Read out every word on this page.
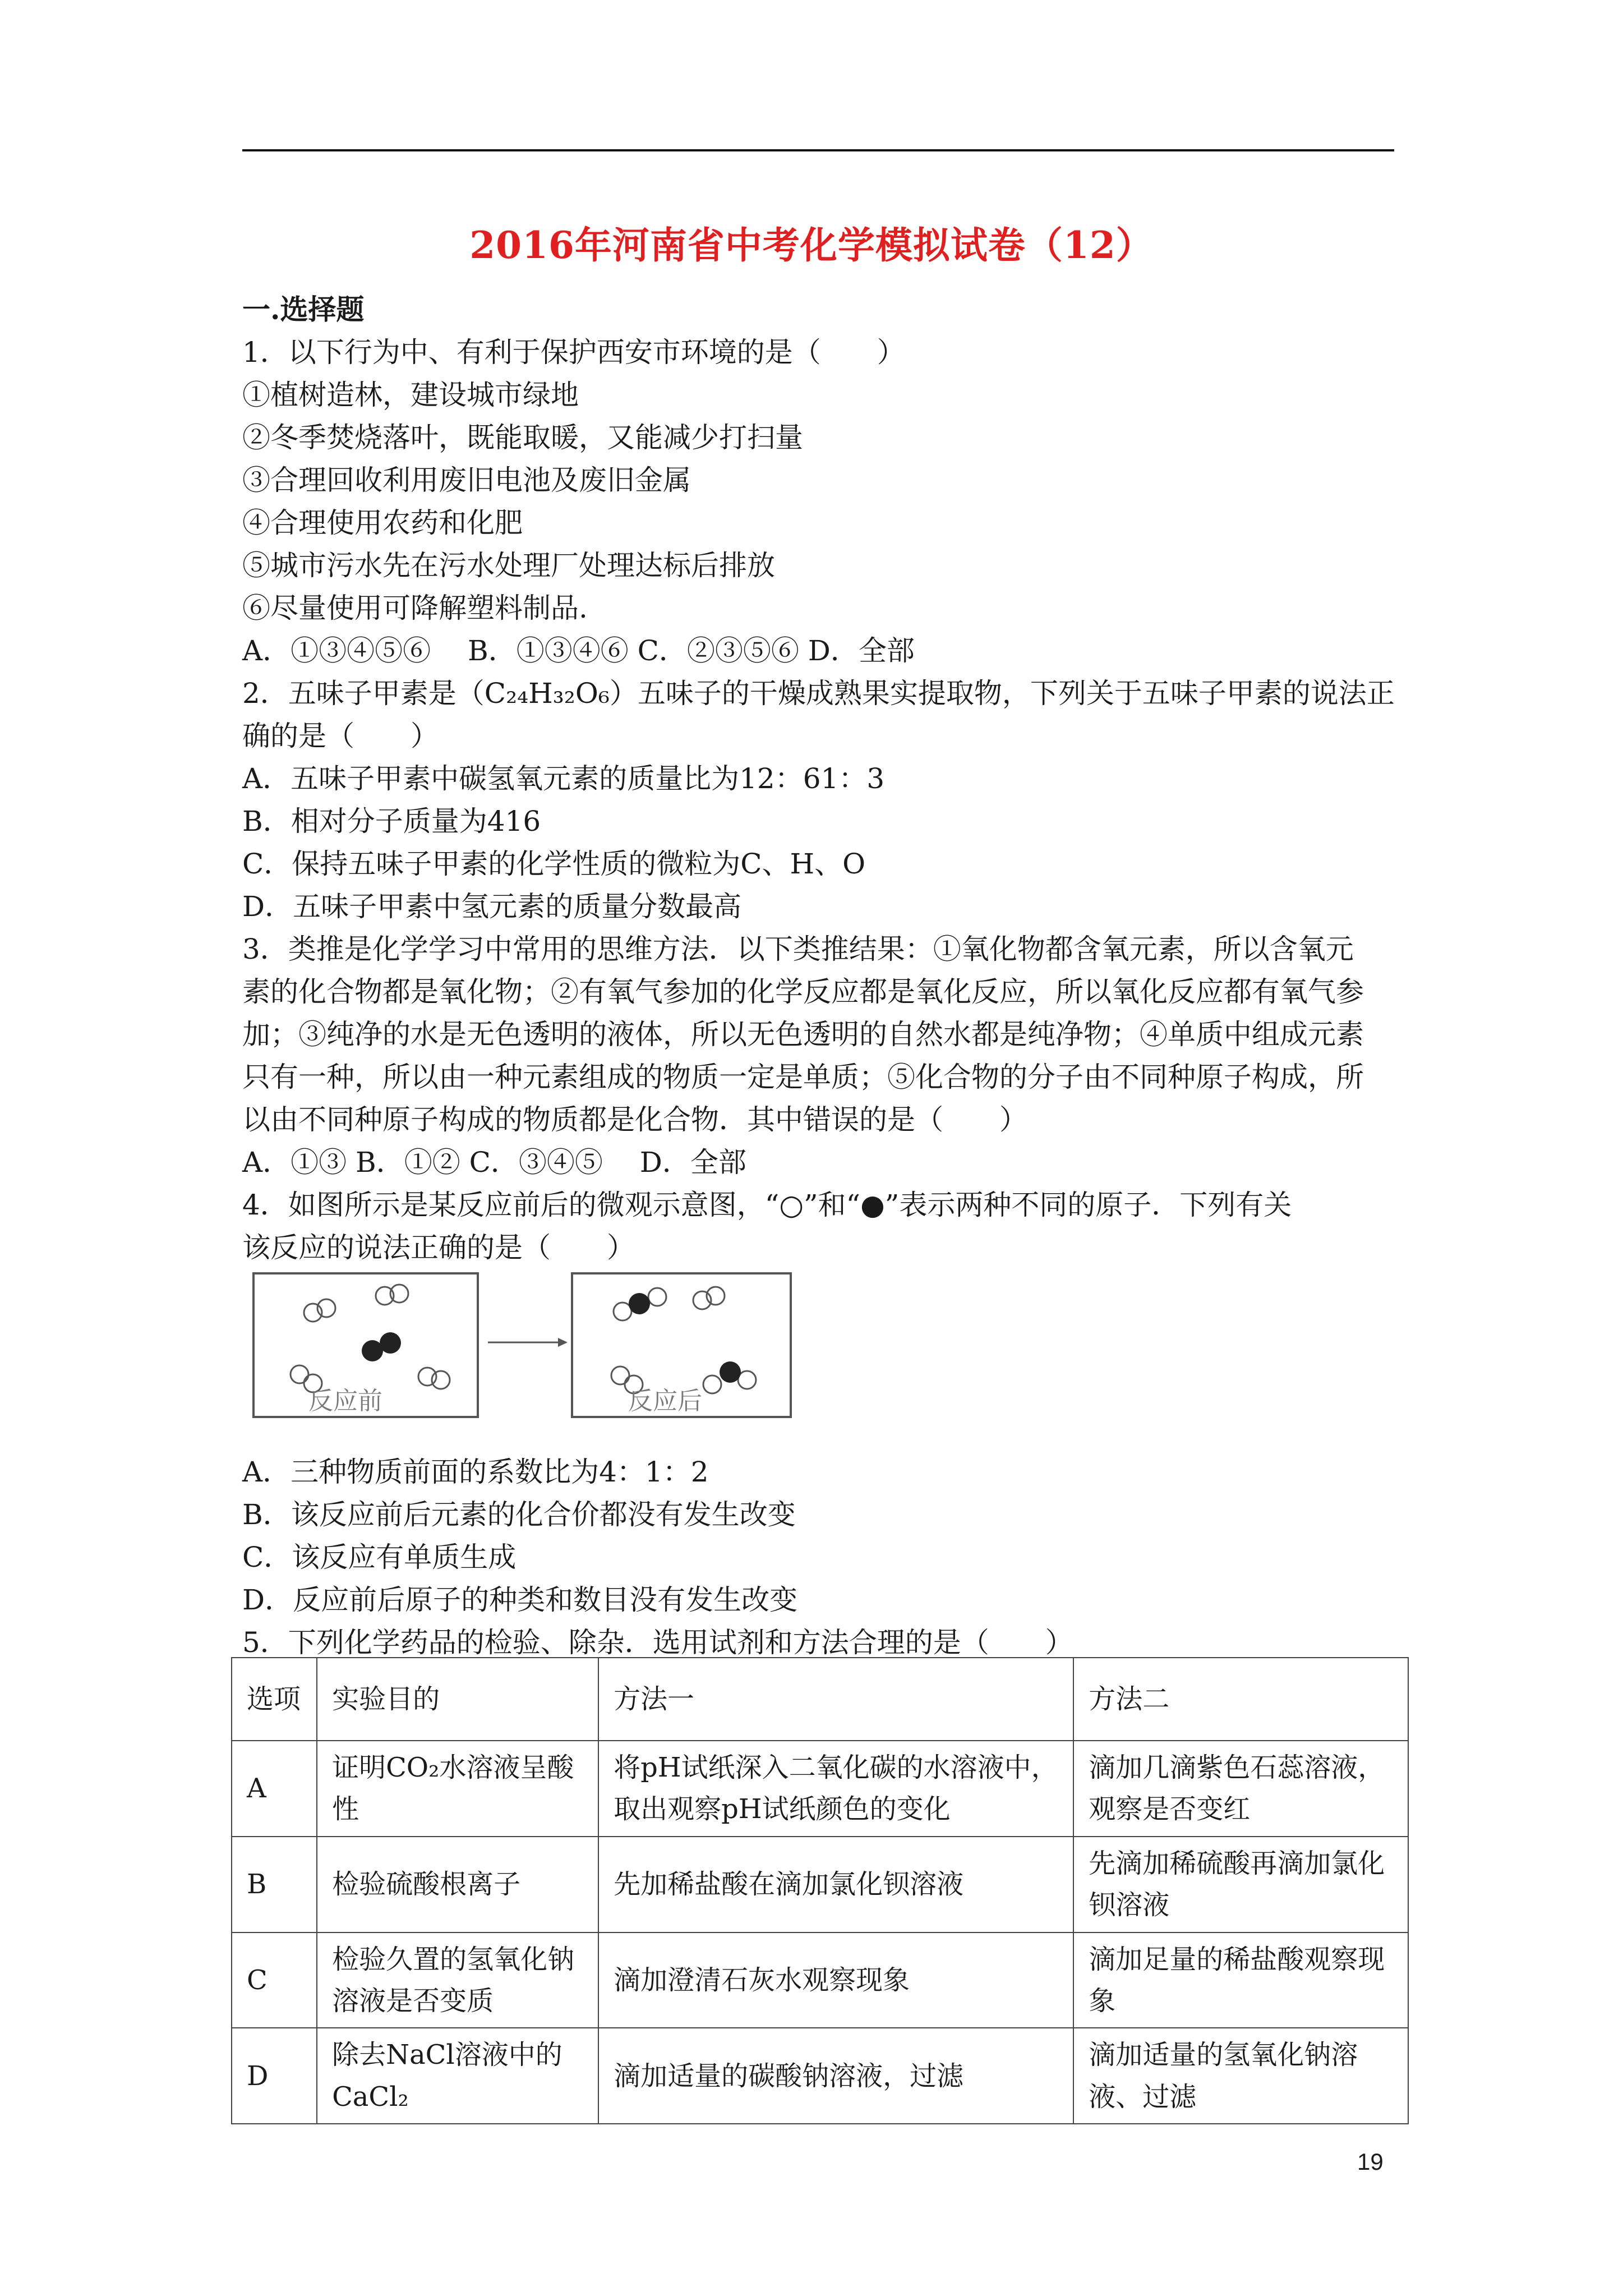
2016年河南省中考化学模拟试卷（12）
一.选择题
1．以下行为中、有利于保护西安市环境的是（　　）
①植树造林，建设城市绿地
②冬季焚烧落叶，既能取暖，又能减少打扫量
③合理回收利用废旧电池及废旧金属
④合理使用农药和化肥
⑤城市污水先在污水处理厂处理达标后排放
⑥尽量使用可降解塑料制品.
A．①③④⑤⑥　 B．①③④⑥ C．②③⑤⑥ D．全部
2．五味子甲素是（C₂₄H₃₂O₆）五味子的干燥成熟果实提取物，下列关于五味子甲素的说法正
确的是（　　）
A．五味子甲素中碳氢氧元素的质量比为12：61：3
B．相对分子质量为416
C．保持五味子甲素的化学性质的微粒为C、H、O
D．五味子甲素中氢元素的质量分数最高
3．类推是化学学习中常用的思维方法．以下类推结果：①氧化物都含氧元素，所以含氧元
素的化合物都是氧化物；②有氧气参加的化学反应都是氧化反应，所以氧化反应都有氧气参
加；③纯净的水是无色透明的液体，所以无色透明的自然水都是纯净物；④单质中组成元素
只有一种，所以由一种元素组成的物质一定是单质；⑤化合物的分子由不同种原子构成，所
以由不同种原子构成的物质都是化合物．其中错误的是（　　）
A．①③ B．①② C．③④⑤　 D．全部
4．如图所示是某反应前后的微观示意图，“○”和“●”表示两种不同的原子．下列有关
该反应的说法正确的是（　　）
反应前	反应后
A．三种物质前面的系数比为4：1：2
B．该反应前后元素的化合价都没有发生改变
C．该反应有单质生成
D．反应前后原子的种类和数目没有发生改变
5．下列化学药品的检验、除杂．选用试剂和方法合理的是（　　）
选项	实验目的	方法一	方法二
A	证明CO₂水溶液呈酸性	将pH试纸深入二氧化碳的水溶液中，取出观察pH试纸颜色的变化	滴加几滴紫色石蕊溶液，观察是否变红
B	检验硫酸根离子	先加稀盐酸在滴加氯化钡溶液	先滴加稀硫酸再滴加氯化钡溶液
C	检验久置的氢氧化钠溶液是否变质	滴加澄清石灰水观察现象	滴加足量的稀盐酸观察现象
D	除去NaCl溶液中的CaCl₂	滴加适量的碳酸钠溶液，过滤	滴加适量的氢氧化钠溶液、过滤
19
